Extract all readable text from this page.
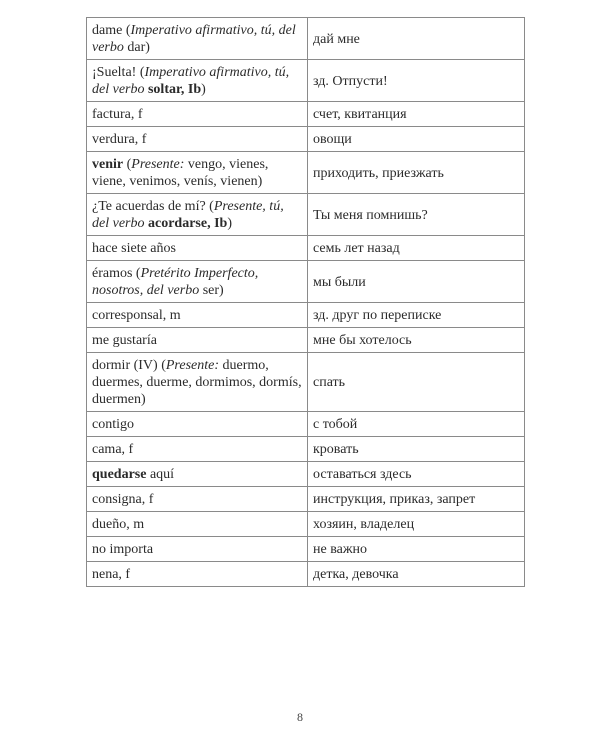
dame (Imperativo afirmativo, tú, del verbo dar)	дай мне
¡Suelta! (Imperativo afirmativo, tú, del verbo soltar, Ib)	зд. Отпусти!
factura, f	счет, квитанция
verdura, f	овощи
venir (Presente: vengo, vienes, viene, venimos, venís, vienen)	приходить, приезжать
¿Te acuerdas de mí? (Presente, tú, del verbo acordarse, Ib)	Ты меня помнишь?
hace siete años	семь лет назад
éramos (Pretérito Imperfecto, nosotros, del verbo ser)	мы были
corresponsal, m	зд. друг по переписке
me gustaría	мне бы хотелось
dormir (IV) (Presente: duermo, duermes, duerme, dormimos, dormís, duermen)	спать
contigo	с тобой
cama, f	кровать
quedarse aquí	оставаться здесь
consigna, f	инструкция, приказ, запрет
dueño, m	хозяин, владелец
no importa	не важно
nena, f	детка, девочка
8
